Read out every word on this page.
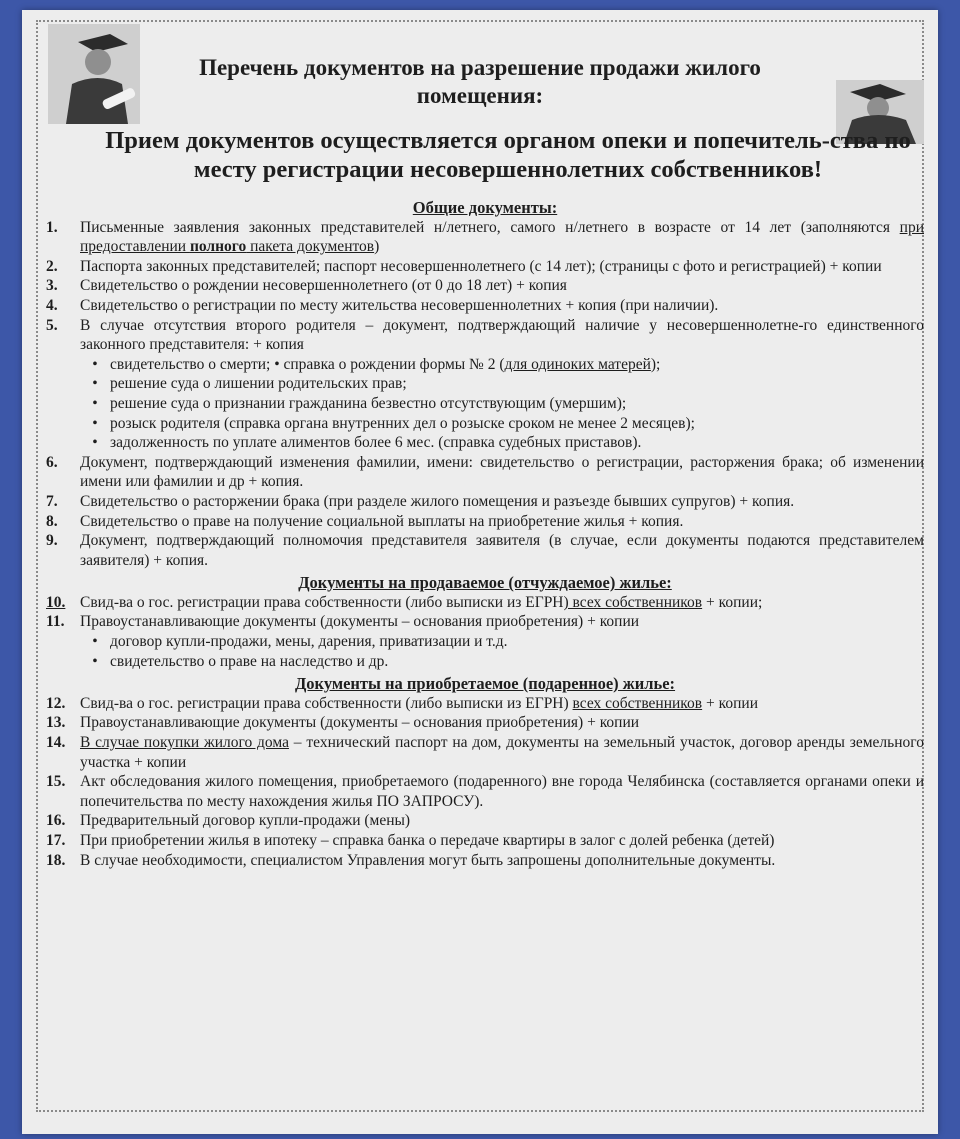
Перечень документов на разрешение продажи жилого помещения:
Прием документов осуществляется органом опеки и попечитель-ства по месту регистрации несовершеннолетних собственников!
Общие документы:
1. Письменные заявления законных представителей н/летнего, самого н/летнего в возрасте от 14 лет (заполняются при предоставлении полного пакета документов)
2. Паспорта законных представителей; паспорт несовершеннолетнего (с 14 лет); (страницы с фото и регистрацией) + копии
3. Свидетельство о рождении несовершеннолетнего (от 0 до 18 лет) + копия
4. Свидетельство о регистрации по месту жительства несовершеннолетних + копия (при наличии).
5. В случае отсутствия второго родителя – документ, подтверждающий наличие у несовершеннолетне-го единственного законного представителя: + копия
• свидетельство о смерти; • справка о рождении формы № 2 (для одиноких матерей);
• решение суда о лишении родительских прав;
• решение суда о признании гражданина безвестно отсутствующим (умершим);
• розыск родителя (справка органа внутренних дел о розыске сроком не менее 2 месяцев);
• задолженность по уплате алиментов более 6 мес. (справка судебных приставов).
6. Документ, подтверждающий изменения фамилии, имени: свидетельство о регистрации, расторжения брака; об изменении имени или фамилии и др + копия.
7. Свидетельство о расторжении брака (при разделе жилого помещения и разъезде бывших супругов) + копия.
8. Свидетельство о праве на получение социальной выплаты на приобретение жилья + копия.
9. Документ, подтверждающий полномочия представителя заявителя (в случае, если документы подаются представителем заявителя) + копия.
Документы на продаваемое (отчуждаемое) жилье:
10. Свид-ва о гос. регистрации права собственности (либо выписки из ЕГРН) всех собственников + копии;
11. Правоустанавливающие документы (документы – основания приобретения) + копии
• договор купли-продажи, мены, дарения, приватизации и т.д.
• свидетельство о праве на наследство и др.
Документы на приобретаемое (подаренное) жилье:
12. Свид-ва о гос. регистрации права собственности (либо выписки из ЕГРН) всех собственников + копии
13. Правоустанавливающие документы (документы – основания приобретения) + копии
14. В случае покупки жилого дома – технический паспорт на дом, документы на земельный участок, договор аренды земельного участка + копии
15. Акт обследования жилого помещения, приобретаемого (подаренного) вне города Челябинска (составляется органами опеки и попечительства по месту нахождения жилья ПО ЗАПРОСУ).
16. Предварительный договор купли-продажи (мены)
17. При приобретении жилья в ипотеку – справка банка о передаче квартиры в залог с долей ребенка (детей)
18. В случае необходимости, специалистом Управления могут быть запрошены дополнительные документы.
